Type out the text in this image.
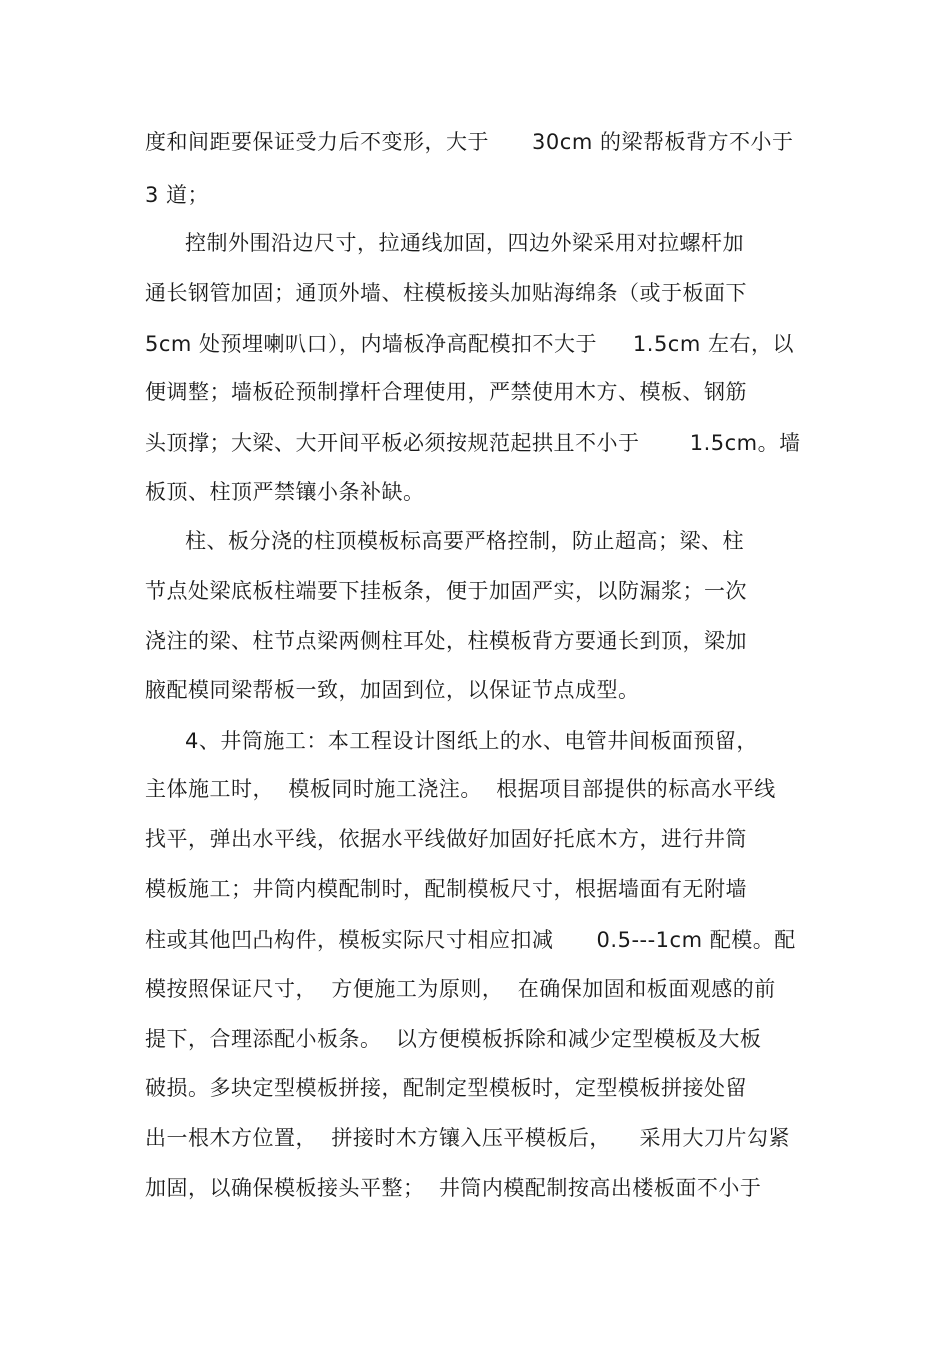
度和间距要保证受力后不变形，大于      30cm 的梁帮板背方不小于
3 道；
控制外围沿边尺寸，拉通线加固，四边外梁采用对拉螺杆加
通长钢管加固；通顶外墙、柱模板接头加贴海绵条（或于板面下
5cm 处预埋喇叭口），内墙板净高配模扣不大于     1.5cm 左右，以
便调整；墙板砼预制撑杆合理使用，严禁使用木方、模板、钢筋
头顶撑；大梁、大开间平板必须按规范起拱且不小于       1.5cm。墙
板顶、柱顶严禁镶小条补缺。
柱、板分浇的柱顶模板标高要严格控制，防止超高；梁、柱
节点处梁底板柱端要下挂板条，便于加固严实，以防漏浆；一次
浇注的梁、柱节点梁两侧柱耳处，柱模板背方要通长到顶，梁加
腋配模同梁帮板一致，加固到位，以保证节点成型。
4、井筒施工：本工程设计图纸上的水、电管井间板面预留，
主体施工时，  模板同时施工浇注。  根据项目部提供的标高水平线
找平，弹出水平线，依据水平线做好加固好托底木方，进行井筒
模板施工；井筒内模配制时，配制模板尺寸，根据墙面有无附墙
柱或其他凹凸构件，模板实际尺寸相应扣减      0.5---1cm 配模。配
模按照保证尺寸，  方便施工为原则，  在确保加固和板面观感的前
提下，合理添配小板条。  以方便模板拆除和减少定型模板及大板
破损。多块定型模板拼接，配制定型模板时，定型模板拼接处留
出一根木方位置，  拼接时木方镶入压平模板后，    采用大刀片勾紧
加固，以确保模板接头平整；  井筒内模配制按高出楼板面不小于
